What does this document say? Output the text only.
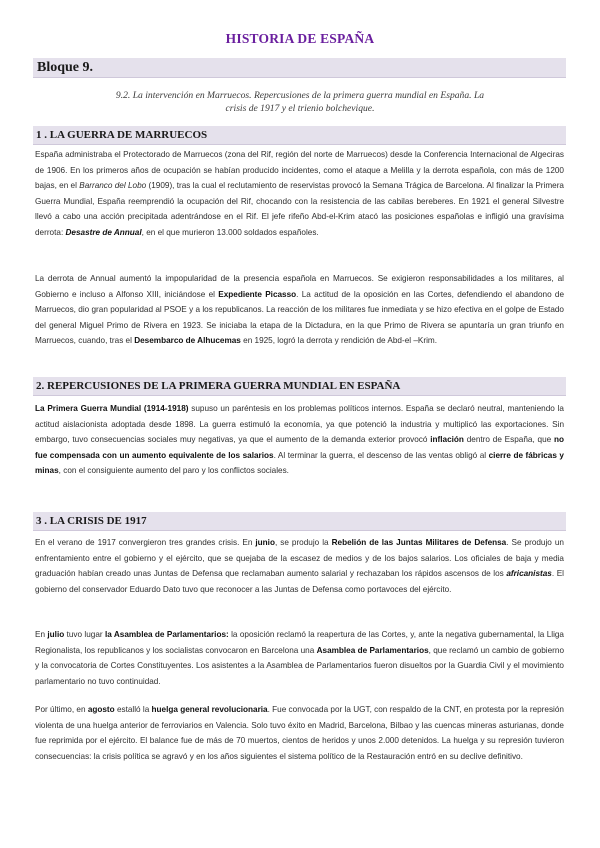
HISTORIA DE ESPAÑA
Bloque 9.
9.2. La intervención en Marruecos. Repercusiones de la primera guerra mundial en España. La
crisis de 1917 y el trienio bolchevique.
1 . LA GUERRA DE MARRUECOS

España administraba el Protectorado de Marruecos (zona del Rif, región del norte de Marruecos) desde la Conferencia Internacional de Algeciras de 1906. En los primeros años de ocupación se habían producido incidentes, como el ataque a Melilla y la derrota española, con más de 1200 bajas, en el Barranco del Lobo (1909), tras la cual el reclutamiento de reservistas provocó la Semana Trágica de Barcelona. Al finalizar la Primera Guerra Mundial, España reemprendió la ocupación del Rif, chocando con la resistencia de las cabilas bereberes. En 1921 el general Silvestre llevó a cabo una acción precipitada adentrándose en el Rif. El jefe rifeño Abd-el-Krim atacó las posiciones españolas e infligió una gravísima derrota: Desastre de Annual, en el que murieron 13.000 soldados españoles.

La derrota de Annual aumentó la impopularidad de la presencia española en Marruecos. Se exigieron responsabilidades a los militares, al Gobierno e incluso a Alfonso XIII, iniciándose el Expediente Picasso. La actitud de la oposición en las Cortes, defendiendo el abandono de Marruecos, dio gran popularidad al PSOE y a los republicanos. La reacción de los militares fue inmediata y se hizo efectiva en el golpe de Estado del general Miguel Primo de Rivera en 1923. Se iniciaba la etapa de la Dictadura, en la que Primo de Rivera se apuntaría un gran triunfo en Marruecos, cuando, tras el Desembarco de Alhucemas en 1925, logró la derrota y rendición de Abd-el –Krim.

2. REPERCUSIONES DE LA PRIMERA GUERRA MUNDIAL EN ESPAÑA

La Primera Guerra Mundial (1914-1918) supuso un paréntesis en los problemas políticos internos. España se declaró neutral, manteniendo la actitud aislacionista adoptada desde 1898. La guerra estimuló la economía, ya que potenció la industria y multiplicó las exportaciones. Sin embargo, tuvo consecuencias sociales muy negativas, ya que el aumento de la demanda exterior provocó inflación dentro de España, que no fue compensada con un aumento equivalente de los salarios. Al terminar la guerra, el descenso de las ventas obligó al cierre de fábricas y minas, con el consiguiente aumento del paro y los conflictos sociales.

3 . LA CRISIS DE 1917

En el verano de 1917 convergieron tres grandes crisis. En junio, se produjo la Rebelión de las Juntas Militares de Defensa. Se produjo un enfrentamiento entre el gobierno y el ejército, que se quejaba de la escasez de medios y de los bajos salarios. Los oficiales de baja y media graduación habían creado unas Juntas de Defensa que reclamaban aumento salarial y rechazaban los rápidos ascensos de los africanistas. El gobierno del conservador Eduardo Dato tuvo que reconocer a las Juntas de Defensa como portavoces del ejército.

En julio tuvo lugar la Asamblea de Parlamentarios: la oposición reclamó la reapertura de las Cortes, y, ante la negativa gubernamental, la Lliga Regionalista, los republicanos y los socialistas convocaron en Barcelona una Asamblea de Parlamentarios, que reclamó un cambio de gobierno y la convocatoria de Cortes Constituyentes. Los asistentes a la Asamblea de Parlamentarios fueron disueltos por la Guardia Civil y el movimiento parlamentario no tuvo continuidad.

Por último, en agosto estalló la huelga general revolucionaria. Fue convocada por la UGT, con respaldo de la CNT, en protesta por la represión violenta de una huelga anterior de ferroviarios en Valencia. Solo tuvo éxito en Madrid, Barcelona, Bilbao y las cuencas mineras asturianas, donde fue reprimida por el ejército. El balance fue de más de 70 muertos, cientos de heridos y unos 2.000 detenidos. La huelga y su represión tuvieron consecuencias: la crisis política se agravó y en los años siguientes el sistema político de la Restauración entró en su declive definitivo.
